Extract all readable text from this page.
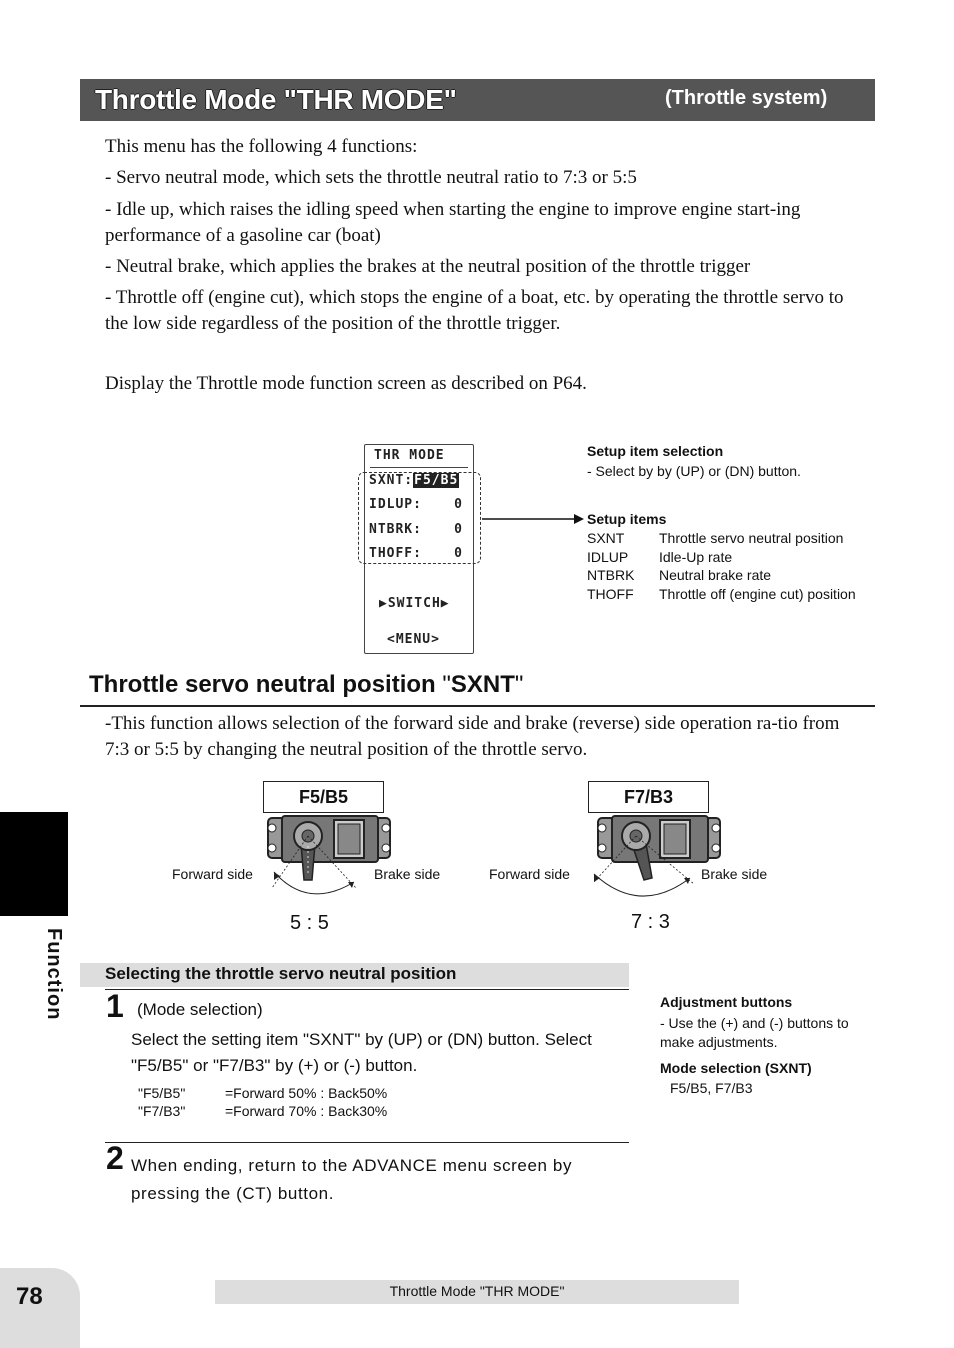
Throttle Mode "THR MODE"	(Throttle system)
This menu has the following 4 functions:
- Servo neutral mode, which sets the throttle neutral ratio to 7:3 or 5:5
- Idle up, which raises the idling speed when starting the engine to improve engine start-ing performance of a gasoline car (boat)
- Neutral brake, which applies the brakes at the neutral position of the throttle trigger
- Throttle off (engine cut), which stops the engine of a boat, etc. by operating the throttle servo to the low side regardless of the position of the throttle trigger.
Display the Throttle mode function screen as described on P64.
THR MODE
SXNT:F5/B5
IDLUP: 0
NTBRK: 0
THOFF: 0
▶SWITCH▶
<MENU>
Setup item selection
- Select by by (UP) or (DN) button.
Setup items
SXNT Throttle servo neutral position
IDLUP Idle-Up rate
NTBRK Neutral brake rate
THOFF Throttle off (engine cut) position
Throttle servo neutral position "SXNT"
-This function allows selection of the forward side and brake (reverse) side operation ra-tio from 7:3 or 5:5 by changing the neutral position of the throttle servo.
F5/B5
Forward side	Brake side
5 : 5
F7/B3
Forward side	Brake side
7 : 3
Function Selecting the throttle servo neutral position
1 (Mode selection)
Select the setting item "SXNT" by (UP) or (DN) button. Select "F5/B5" or "F7/B3" by (+) or (-) button.
"F5/B5"	=Forward 50% : Back50%
"F7/B3"	=Forward 70% : Back30%
2 When ending, return to the ADVANCE menu screen by pressing the (CT) button.
Adjustment buttons
- Use the (+) and (-) buttons to make adjustments.
Mode selection (SXNT)
F5/B5, F7/B3
78	Throttle Mode "THR MODE"
